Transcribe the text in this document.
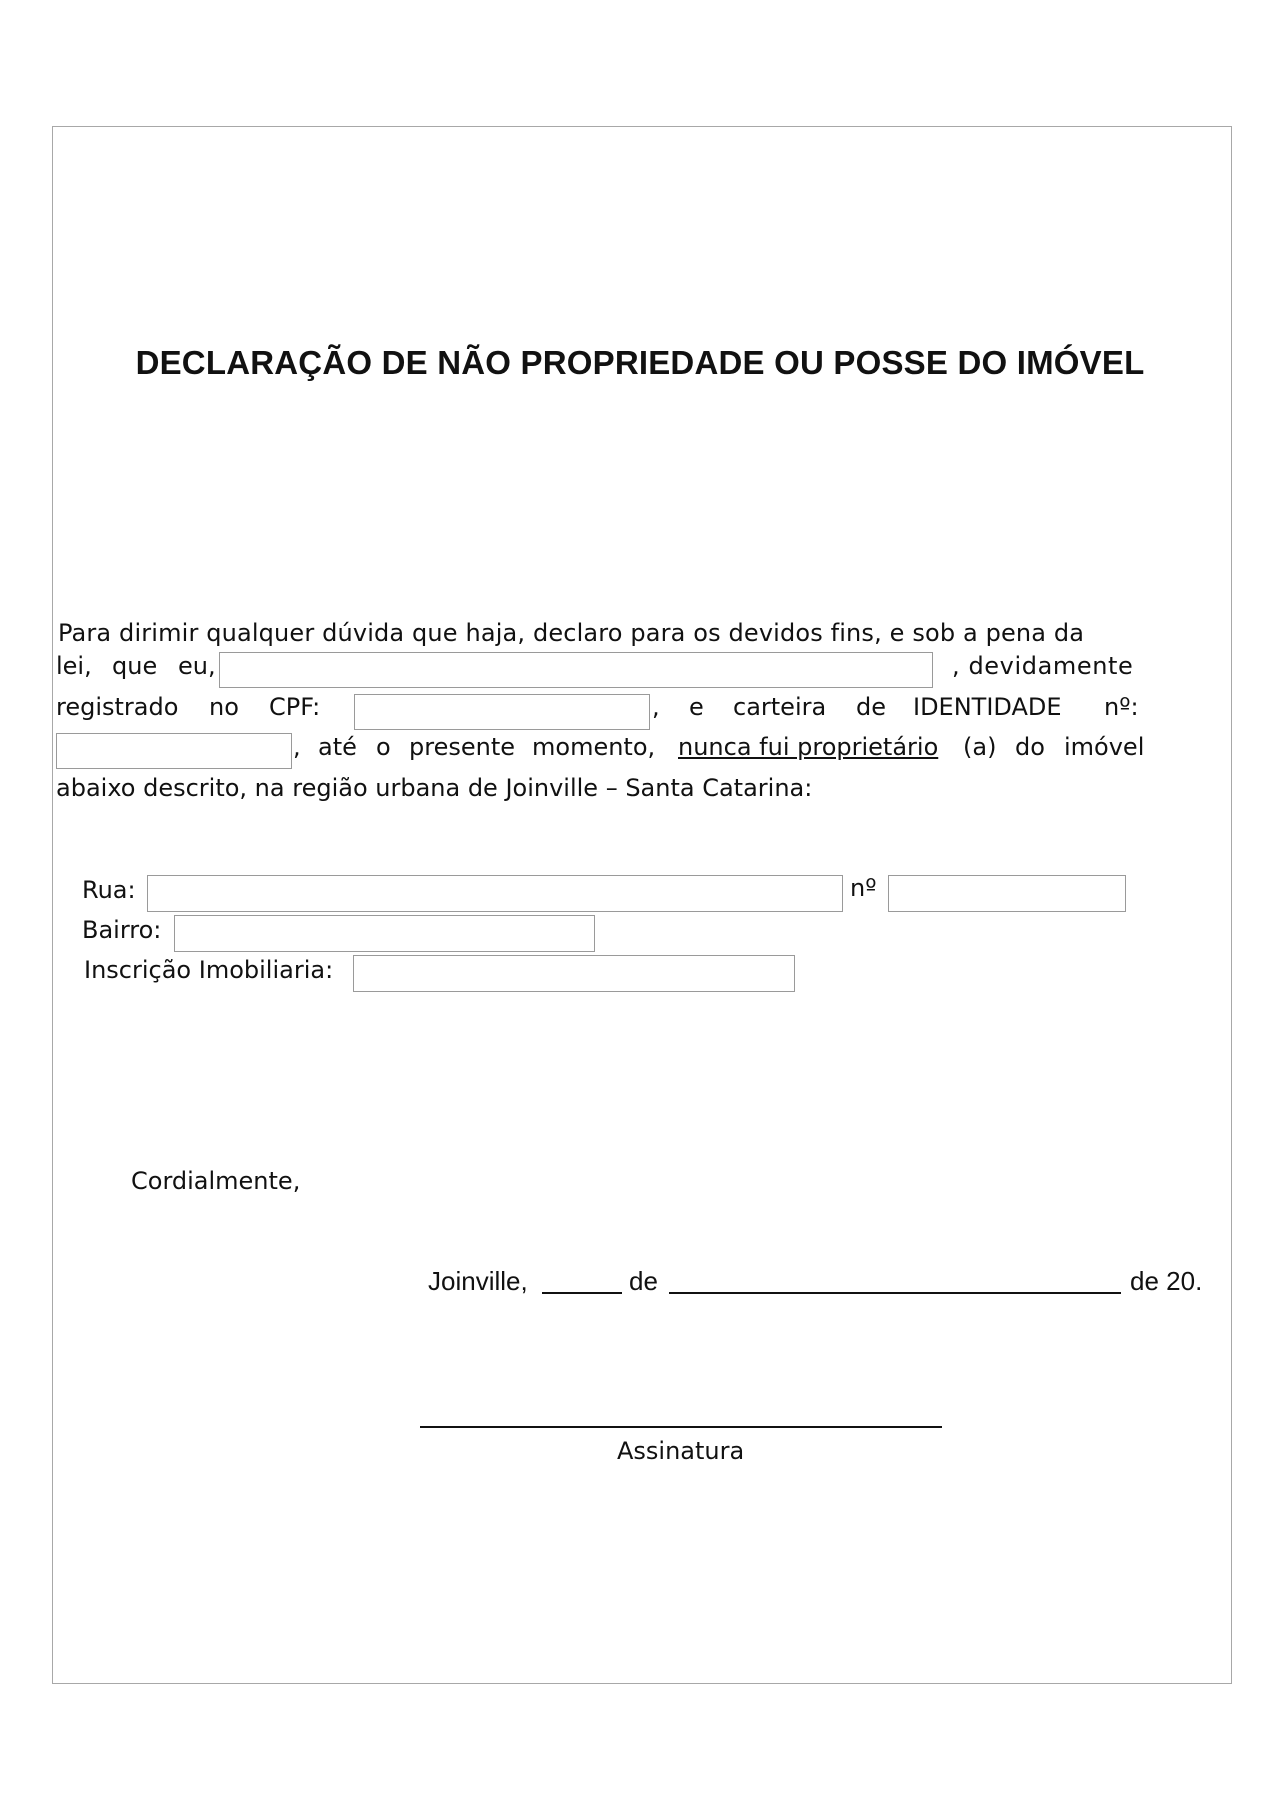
DECLARAÇÃO DE NÃO PROPRIEDADE OU POSSE DO IMÓVEL
Para dirimir qualquer dúvida que haja, declaro para os devidos fins, e sob a pena da
lei, que eu,	, devidamente
registrado no CPF:	, e carteira de IDENTIDADE nº:
, até o presente momento, nunca fui proprietário (a) do imóvel
abaixo descrito, na região urbana de Joinville – Santa Catarina:
Rua:	nº
Bairro:
Inscrição Imobiliaria:
Cordialmente,
Joinville,	de	de 20.
Assinatura
